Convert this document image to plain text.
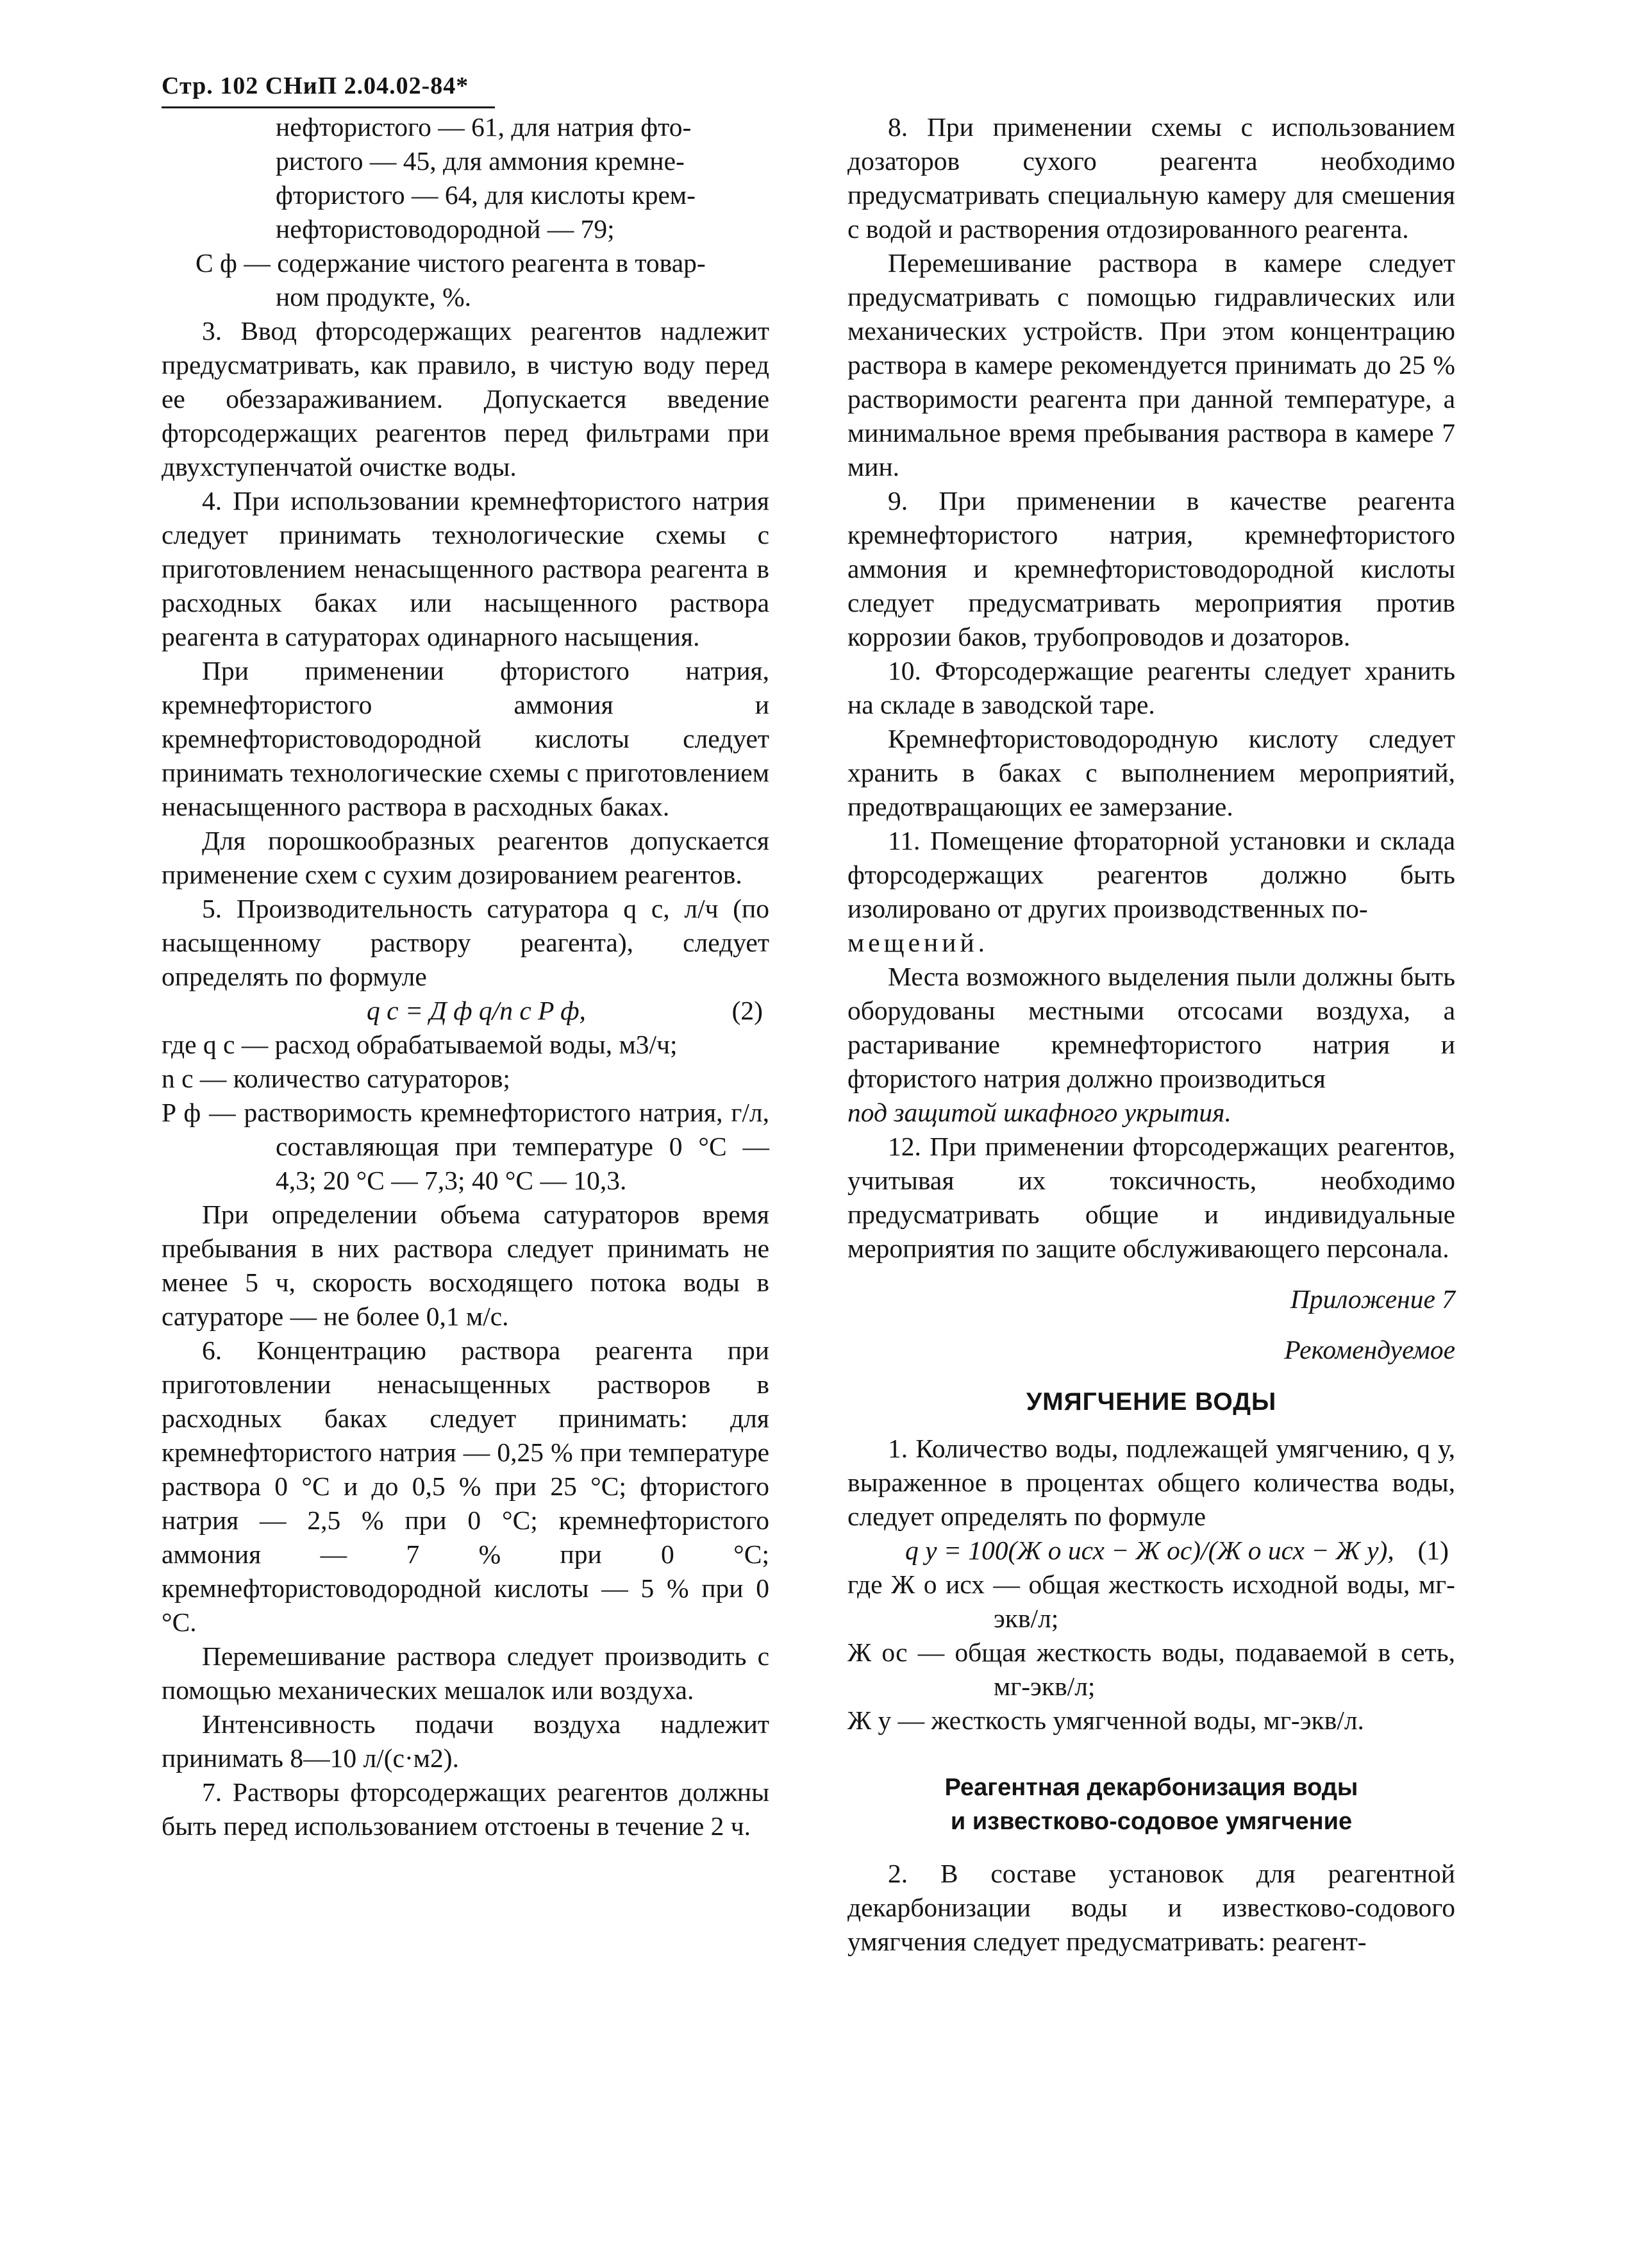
Стр. 102 СНиП 2.04.02-84*

нефтористого — 61, для натрия фто-

ристого — 45, для аммония кремне-

фтористого — 64, для кислоты крем-

нефтористоводородной — 79;

C ф — содержание чистого реагента в товар-

ном продукте, %.

3. Ввод фторсодержащих реагентов надлежит предусматривать, как правило, в чистую воду перед ее обеззараживанием. Допускается введение фторсодержащих реагентов перед фильтрами при двухступенчатой очистке воды.

4. При использовании кремнефтористого натрия следует принимать технологические схемы с приготовлением ненасыщенного раствора реагента в расходных баках или насыщенного раствора реагента в сатураторах одинарного насыщения.

При применении фтористого натрия, кремнефтористого аммония и кремнефтористоводородной кислоты следует принимать технологические схемы с приготовлением ненасыщенного раствора в расходных баках.

Для порошкообразных реагентов допускается применение схем с сухим дозированием реагентов.

5. Производительность сатуратора q с, л/ч (по насыщенному раствору реагента), следует определять по формуле

q с = Д ф q/n с P ф,	(2)

где q с — расход обрабатываемой воды, м3/ч;

n с — количество сатураторов;

P ф — растворимость кремнефтористого натрия, г/л, составляющая при температуре 0 °С — 4,3; 20 °С — 7,3; 40 °С — 10,3.

При определении объема сатураторов время пребывания в них раствора следует принимать не менее 5 ч, скорость восходящего потока воды в сатураторе — не более 0,1 м/с.

6. Концентрацию раствора реагента при приготовлении ненасыщенных растворов в расходных баках следует принимать: для кремнефтористого натрия — 0,25 % при температуре раствора 0 °С и до 0,5 % при 25 °С; фтористого натрия — 2,5 % при 0 °С; кремнефтористого аммония — 7 % при 0 °С; кремнефтористоводородной кислоты — 5 % при 0 °С.

Перемешивание раствора следует производить с помощью механических мешалок или воздуха.

Интенсивность подачи воздуха надлежит принимать 8—10 л/(с·м2).

7. Растворы фторсодержащих реагентов должны быть перед использованием отстоены в течение 2 ч.

8. При применении схемы с использованием дозаторов сухого реагента необходимо предусматривать специальную камеру для смешения с водой и растворения отдозированного реагента.

Перемешивание раствора в камере следует предусматривать с помощью гидравлических или механических устройств. При этом концентрацию раствора в камере рекомендуется принимать до 25 % растворимости реагента при данной температуре, а минимальное время пребывания раствора в камере 7 мин.

9. При применении в качестве реагента кремнефтористого натрия, кремнефтористого аммония и кремнефтористоводородной кислоты следует предусматривать мероприятия против коррозии баков, трубопроводов и дозаторов.

10. Фторсодержащие реагенты следует хранить на складе в заводской таре.

Кремнефтористоводородную кислоту следует хранить в баках с выполнением мероприятий, предотвращающих ее замерзание.

11. Помещение фтораторной установки и склада фторсодержащих реагентов должно быть изолировано от других производственных по-

мещений.

Места возможного выделения пыли должны быть оборудованы местными отсосами воздуха, а растаривание кремнефтористого натрия и фтористого натрия должно производиться

под защитой шкафного укрытия.

12. При применении фторсодержащих реагентов, учитывая их токсичность, необходимо предусматривать общие и индивидуальные мероприятия по защите обслуживающего персонала.

Приложение 7

Рекомендуемое

УМЯГЧЕНИЕ ВОДЫ

1. Количество воды, подлежащей умягчению, q у, выраженное в процентах общего количества воды, следует определять по формуле

q у = 100(Ж о исх − Ж ос)/(Ж о исх − Ж у), (1)

где Ж о исх — общая жесткость исходной воды, мг-экв/л;

Ж ос — общая жесткость воды, подаваемой в сеть, мг-экв/л;

Ж у — жесткость умягченной воды, мг-экв/л.

Реагентная декарбонизация воды

и известково-содовое умягчение

2. В составе установок для реагентной декарбонизации воды и известково-содового умягчения следует предусматривать: реагент-
